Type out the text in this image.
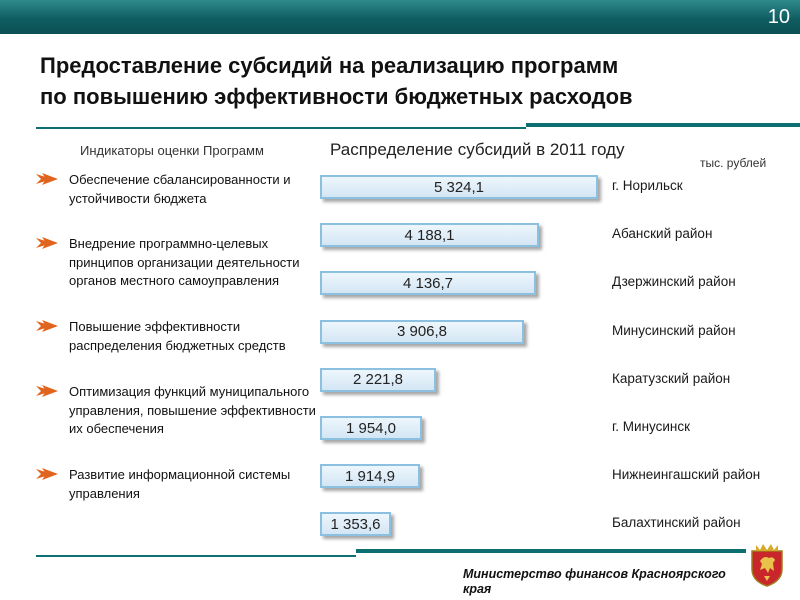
10
Предоставление субсидий на реализацию программ
по повышению эффективности бюджетных расходов
Индикаторы оценки Программ	Распределение субсидий в 2011 году
тыс. рублей
Обеспечение сбалансированности и устойчивости бюджета
Внедрение программно-целевых принципов организации деятельности органов местного самоуправления
Повышение эффективности распределения бюджетных средств
Оптимизация функций муниципального управления, повышение эффективности их обеспечения
Развитие информационной системы управления
5 324,1	г. Норильск
4 188,1	Абанский район
4 136,7	Дзержинский район
3 906,8	Минусинский район
2 221,8	Каратузский район
1 954,0	г. Минусинск
1 914,9	Нижнеингашский район
1 353,6	Балахтинский район
Министерство финансов Красноярского края
